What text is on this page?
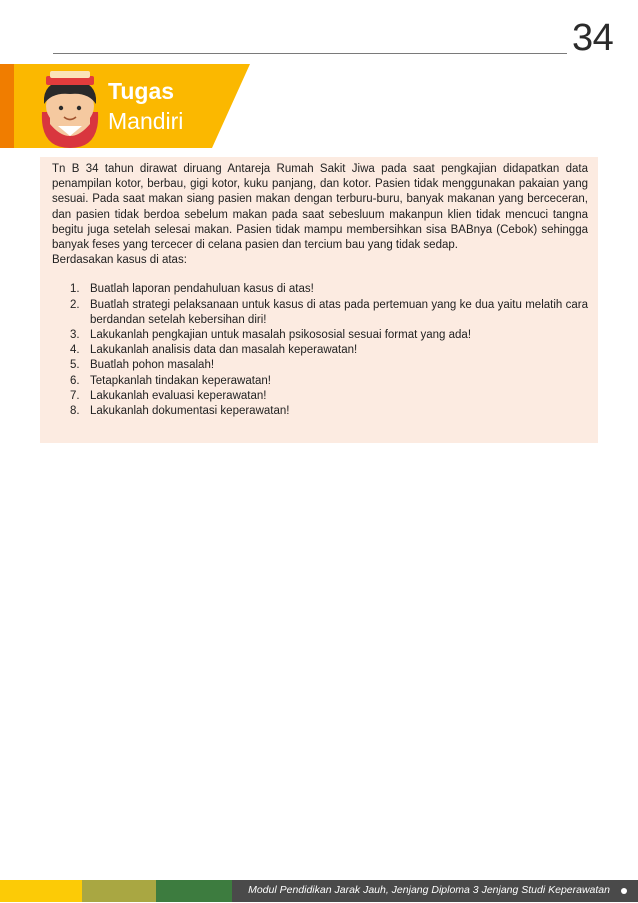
34
Tugas
Mandiri

Tn B 34 tahun dirawat diruang Antareja Rumah Sakit Jiwa pada saat pengkajian didapatkan data penampilan kotor, berbau, gigi kotor, kuku panjang, dan kotor. Pasien tidak menggunakan pakaian yang sesuai. Pada saat makan siang pasien makan dengan terburu-buru, banyak makanan yang berceceran, dan pasien tidak berdoa sebelum makan pada saat sebesluum makanpun klien tidak mencuci tangna begitu juga setelah selesai makan. Pasien tidak mampu membersihkan sisa BABnya (Cebok) sehingga banyak feses yang tercecer di celana pasien dan tercium bau yang tidak sedap.

Berdasakan kasus di atas:

1. Buatlah laporan pendahuluan kasus di atas!
2. Buatlah strategi pelaksanaan untuk kasus di atas pada pertemuan yang ke dua yaitu melatih cara berdandan setelah kebersihan diri!
3. Lakukanlah pengkajian untuk masalah psikososial sesuai format yang ada!
4. Lakukanlah analisis data dan masalah keperawatan!
5. Buatlah pohon masalah!
6. Tetapkanlah tindakan keperawatan!
7. Lakukanlah evaluasi keperawatan!
8. Lakukanlah dokumentasi keperawatan!
Modul Pendidikan Jarak Jauh, Jenjang Diploma 3 Jenjang Studi Keperawatan
